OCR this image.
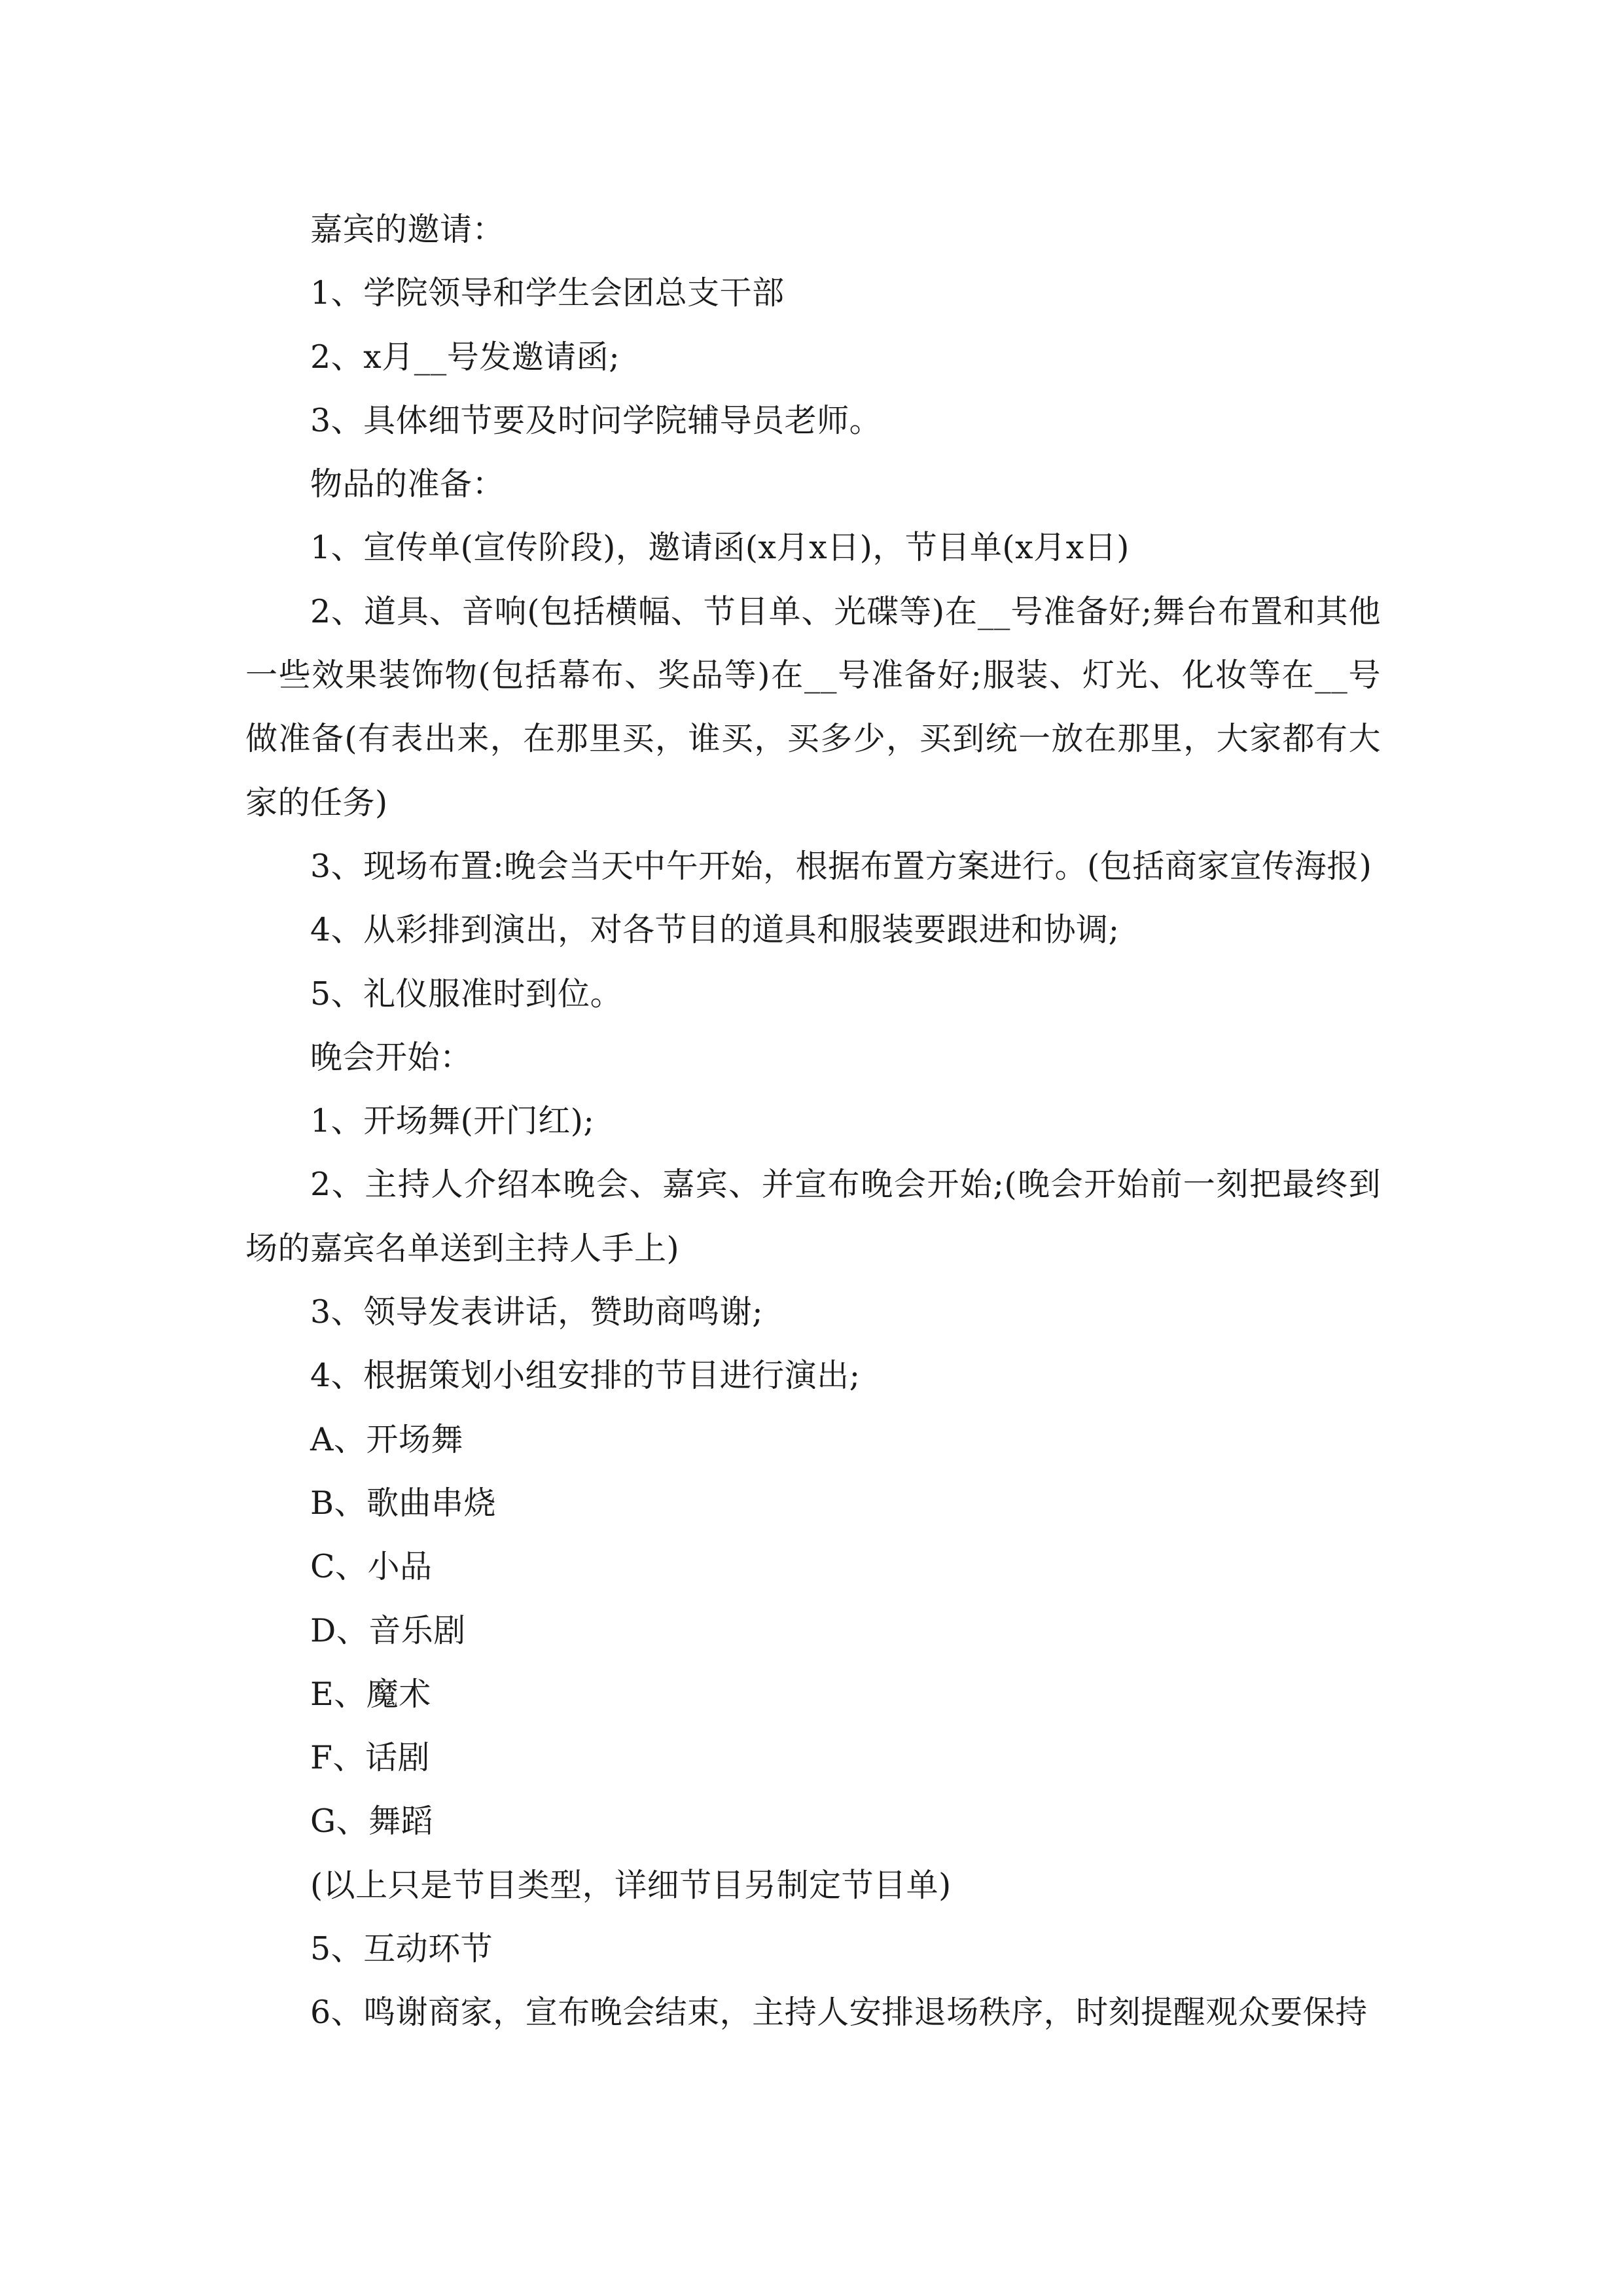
嘉宾的邀请：

1、学院领导和学生会团总支干部

2、x月__号发邀请函;

3、具体细节要及时问学院辅导员老师。

物品的准备：

1、宣传单(宣传阶段)，邀请函(x月x日)，节目单(x月x日)

2、道具、音响(包括横幅、节目单、光碟等)在__号准备好;舞台布置和其他一些效果装饰物(包括幕布、奖品等)在__号准备好;服装、灯光、化妆等在__号做准备(有表出来，在那里买，谁买，买多少，买到统一放在那里，大家都有大家的任务)

3、现场布置:晚会当天中午开始，根据布置方案进行。(包括商家宣传海报)

4、从彩排到演出，对各节目的道具和服装要跟进和协调;

5、礼仪服准时到位。

晚会开始：

1、开场舞(开门红);

2、主持人介绍本晚会、嘉宾、并宣布晚会开始;(晚会开始前一刻把最终到场的嘉宾名单送到主持人手上)

3、领导发表讲话，赞助商鸣谢;

4、根据策划小组安排的节目进行演出;

A、开场舞

B、歌曲串烧

C、小品

D、音乐剧

E、魔术

F、话剧

G、舞蹈

(以上只是节目类型，详细节目另制定节目单)

5、互动环节

6、鸣谢商家，宣布晚会结束，主持人安排退场秩序，时刻提醒观众要保持
